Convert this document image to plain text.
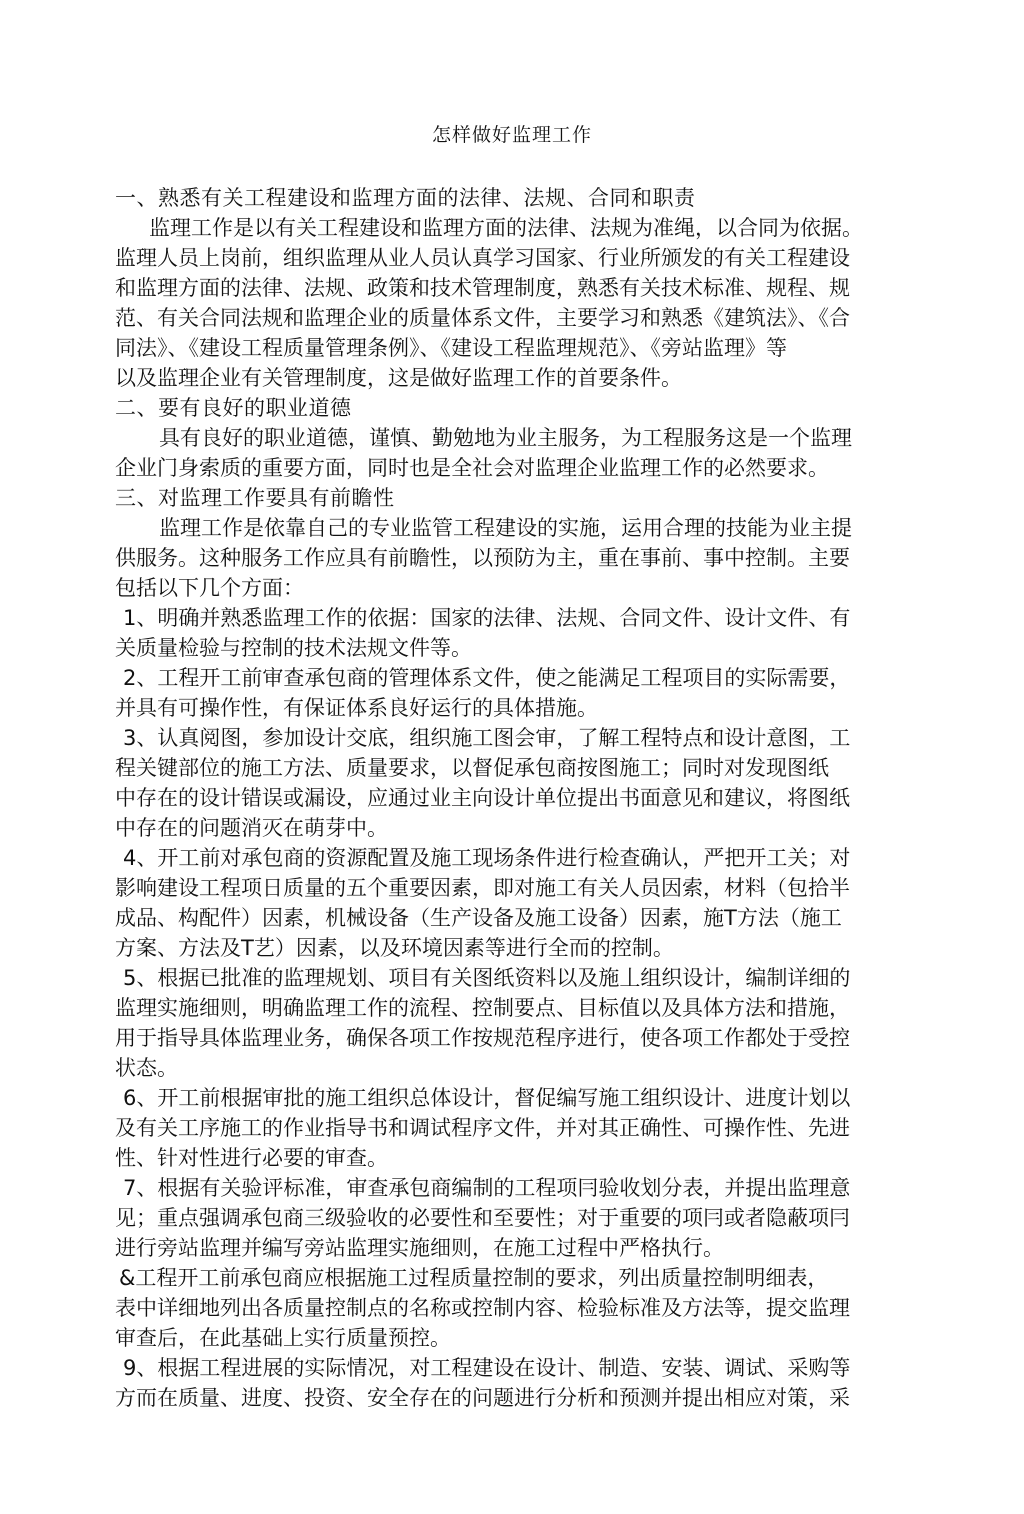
怎样做好监理工作
一、熟悉有关工程建设和监理方面的法律、法规、合同和职责
监理工作是以有关工程建设和监理方面的法律、法规为准绳，以合同为依据。
监理人员上岗前，组织监理从业人员认真学习国家、行业所颁发的有关工程建设
和监理方面的法律、法规、政策和技术管理制度，熟悉有关技术标准、规程、规
范、有关合同法规和监理企业的质量体系文件，主要学习和熟悉《建筑法》、《合
同法》、《建设工程质量管理条例》、《建设工程监理规范》、《旁站监理》等
以及监理企业有关管理制度，这是做好监理工作的首要条件。
二、要有良好的职业道德
具有良好的职业道德，谨慎、勤勉地为业主服务，为工程服务这是一个监理
企业门身索质的重要方面，同时也是全社会对监理企业监理工作的必然要求。
三、对监理工作要具有前瞻性
监理工作是依靠自己的专业监管工程建设的实施，运用合理的技能为业主提
供服务。这种服务工作应具有前瞻性，以预防为主，重在事前、事中控制。主要
包括以下几个方面：
1、明确并熟悉监理工作的依据：国家的法律、法规、合同文件、设计文件、有
关质量检验与控制的技术法规文件等。
2、工程开工前审查承包商的管理体系文件，使之能满足工程项目的实际需要，
并具有可操作性，有保证体系良好运行的具体措施。
3、认真阅图，参加设计交底，组织施工图会审，了解工程特点和设计意图，工
程关键部位的施工方法、质量要求，以督促承包商按图施工；同时对发现图纸
中存在的设计错误或漏设，应通过业主向设计单位提出书面意见和建议，将图纸
中存在的问题消灭在萌芽中。
4、开工前对承包商的资源配置及施工现场条件进行检查确认，严把开工关；对
影响建设工程项日质量的五个重要因素，即对施工有关人员因索，材料（包拾半
成品、构配件）因素，机械设备（生产设备及施工设备）因素，施T方法（施工
方案、方法及T艺）因素，以及环境因素等进行全而的控制。
5、根据已批准的监理规划、项目有关图纸资料以及施丄组织设计，编制详细的
监理实施细则，明确监理工作的流程、控制要点、目标值以及具体方法和措施，
用于指导具体监理业务，确保各项工作按规范程序进行，使各项工作都处于受控
状态。
6、开工前根据审批的施工组织总体设计，督促编写施工组织设计、进度计划以
及有关工序施工的作业指导书和调试程序文件，并对其正确性、可操作性、先进
性、针对性进行必要的审查。
7、根据有关验评标准，审查承包商编制的工程项冃验收划分表，并提出监理意
见；重点强调承包商三级验收的必要性和至要性；对于重要的项冃或者隐蔽项冃
进行旁站监理并编写旁站监理实施细则，在施工过程中严格执行。
&工程开工前承包商应根据施工过程质量控制的要求，列出质量控制明细表，
表中详细地列出各质量控制点的名称或控制内容、检验标准及方法等，提交监理
审查后，在此基础上实行质量预控。
9、根据工程进展的实际情况，对工程建设在设计、制造、安装、调试、采购等
方而在质量、进度、投资、安全存在的问题进行分析和预测并提出相应对策，采
